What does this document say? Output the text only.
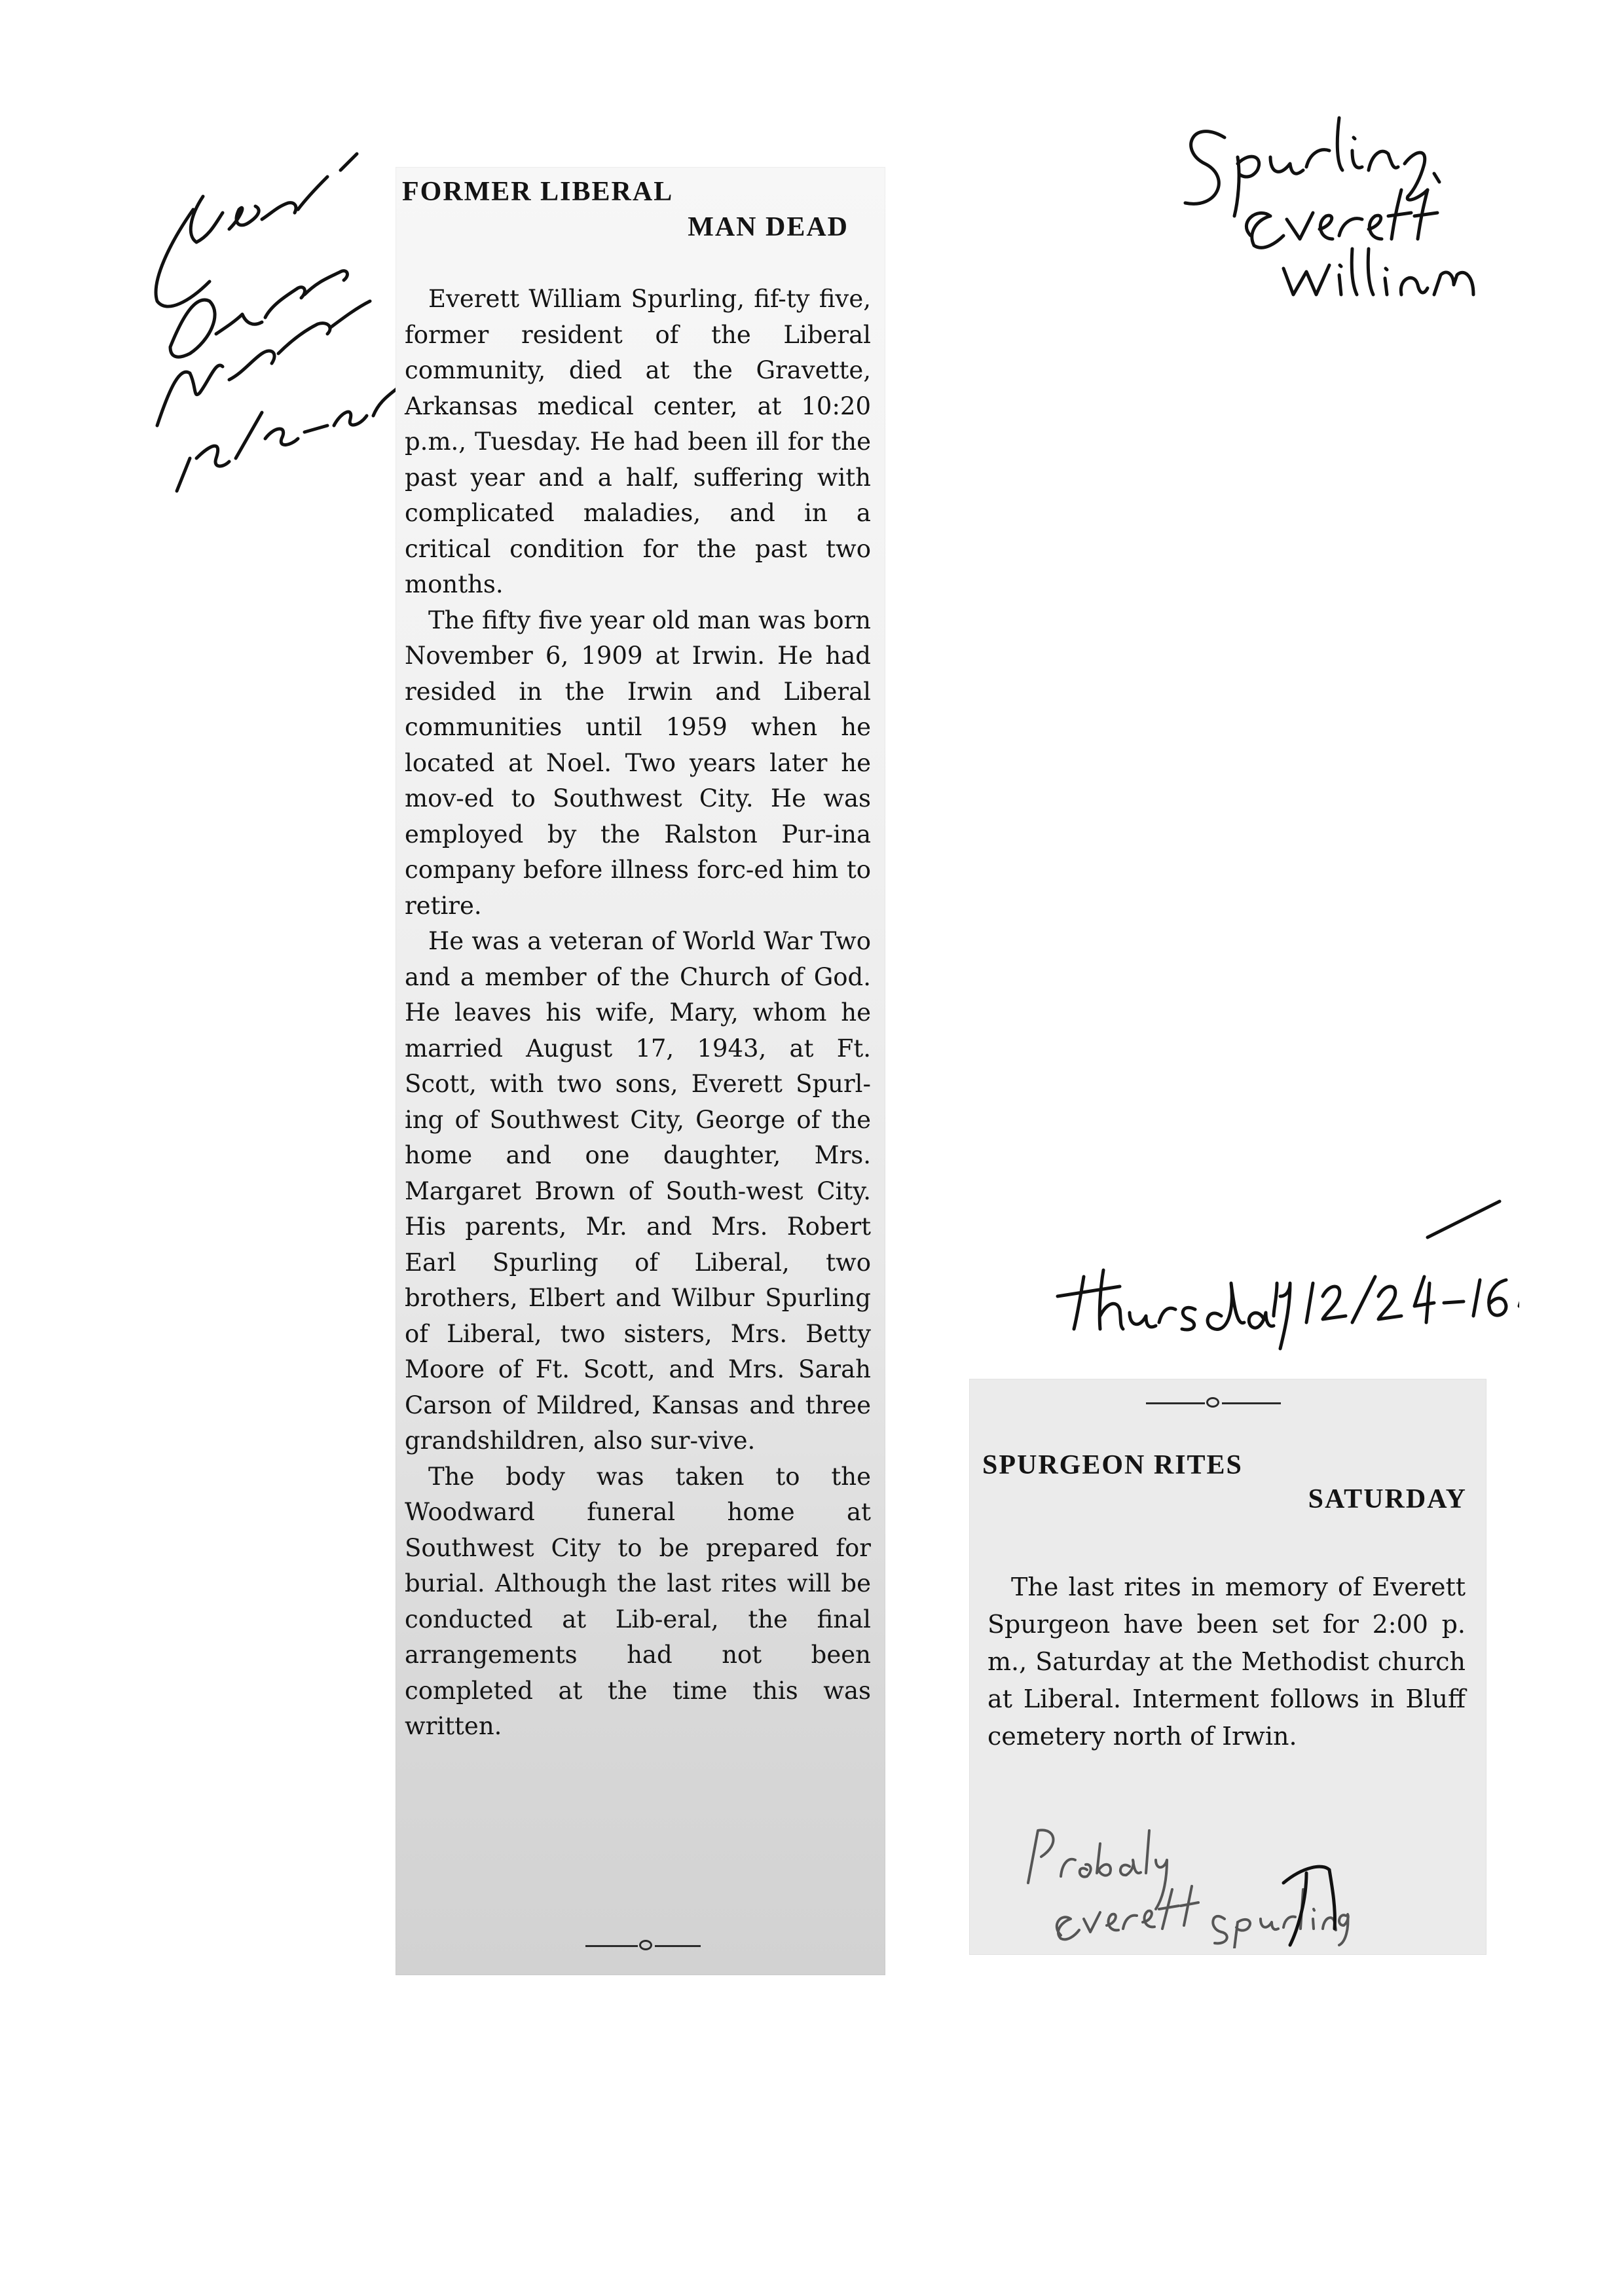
FORMER LIBERAL
MAN DEAD

Everett William Spurling, fif-ty five, former resident of the Liberal community, died at the Gravette, Arkansas medical center, at 10:20 p.m., Tuesday. He had been ill for the past year and a half, suffering with complicated maladies, and in a critical condition for the past two months.

The fifty five year old man was born November 6, 1909 at Irwin. He had resided in the Irwin and Liberal communities until 1959 when he located at Noel. Two years later he mov-ed to Southwest City. He was employed by the Ralston Pur-ina company before illness forc-ed him to retire.

He was a veteran of World War Two and a member of the Church of God. He leaves his wife, Mary, whom he married August 17, 1943, at Ft. Scott, with two sons, Everett Spurl-ing of Southwest City, George of the home and one daughter, Mrs. Margaret Brown of South-west City. His parents, Mr. and Mrs. Robert Earl Spurling of Liberal, two brothers, Elbert and Wilbur Spurling of Liberal, two sisters, Mrs. Betty Moore of Ft. Scott, and Mrs. Sarah Carson of Mildred, Kansas and three grandshildren, also sur-vive.

The body was taken to the Woodward funeral home at Southwest City to be prepared for burial. Although the last rites will be conducted at Lib-eral, the final arrangements had not been completed at the time this was written.

SPURGEON RITES
SATURDAY

The last rites in memory of Everett Spurgeon have been set for 2:00 p. m., Saturday at the Methodist church at Liberal. Interment follows in Bluff cemetery north of Irwin.
